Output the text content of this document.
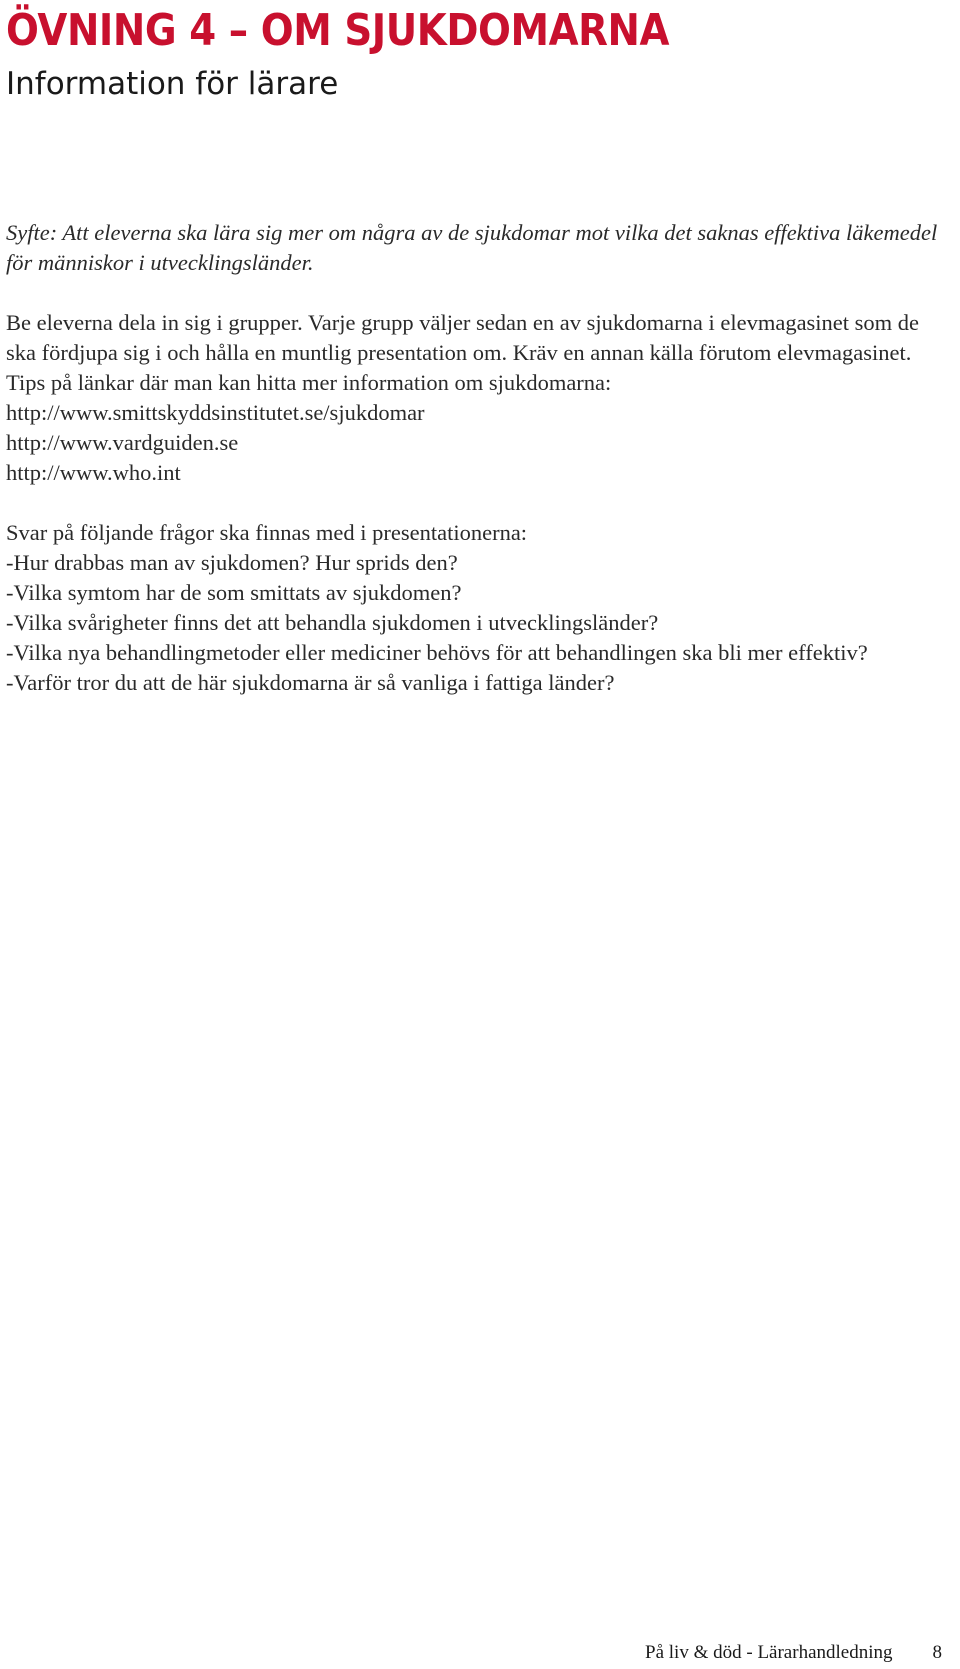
ÖVNING 4 – OM SJUKDOMARNA
Information för lärare

Syfte: Att eleverna ska lära sig mer om några av de sjukdomar mot vilka det saknas effektiva läkemedel för människor i utvecklingsländer.

Be eleverna dela in sig i grupper. Varje grupp väljer sedan en av sjukdomarna i elevmagasinet som de ska fördjupa sig i och hålla en muntlig presentation om. Kräv en annan källa förutom elevmagasinet. Tips på länkar där man kan hitta mer information om sjukdomarna:

http://www.smittskyddsinstitutet.se/sjukdomar
http://www.vardguiden.se
http://www.who.int

Svar på följande frågor ska finnas med i presentationerna:

-Hur drabbas man av sjukdomen? Hur sprids den?

-Vilka symtom har de som smittats av sjukdomen?

-Vilka svårigheter finns det att behandla sjukdomen i utvecklingsländer?

-Vilka nya behandlingmetoder eller mediciner behövs för att behandlingen ska bli mer effektiv?

-Varför tror du att de här sjukdomarna är så vanliga i fattiga länder?

På liv & död - Lärarhandledning 8
